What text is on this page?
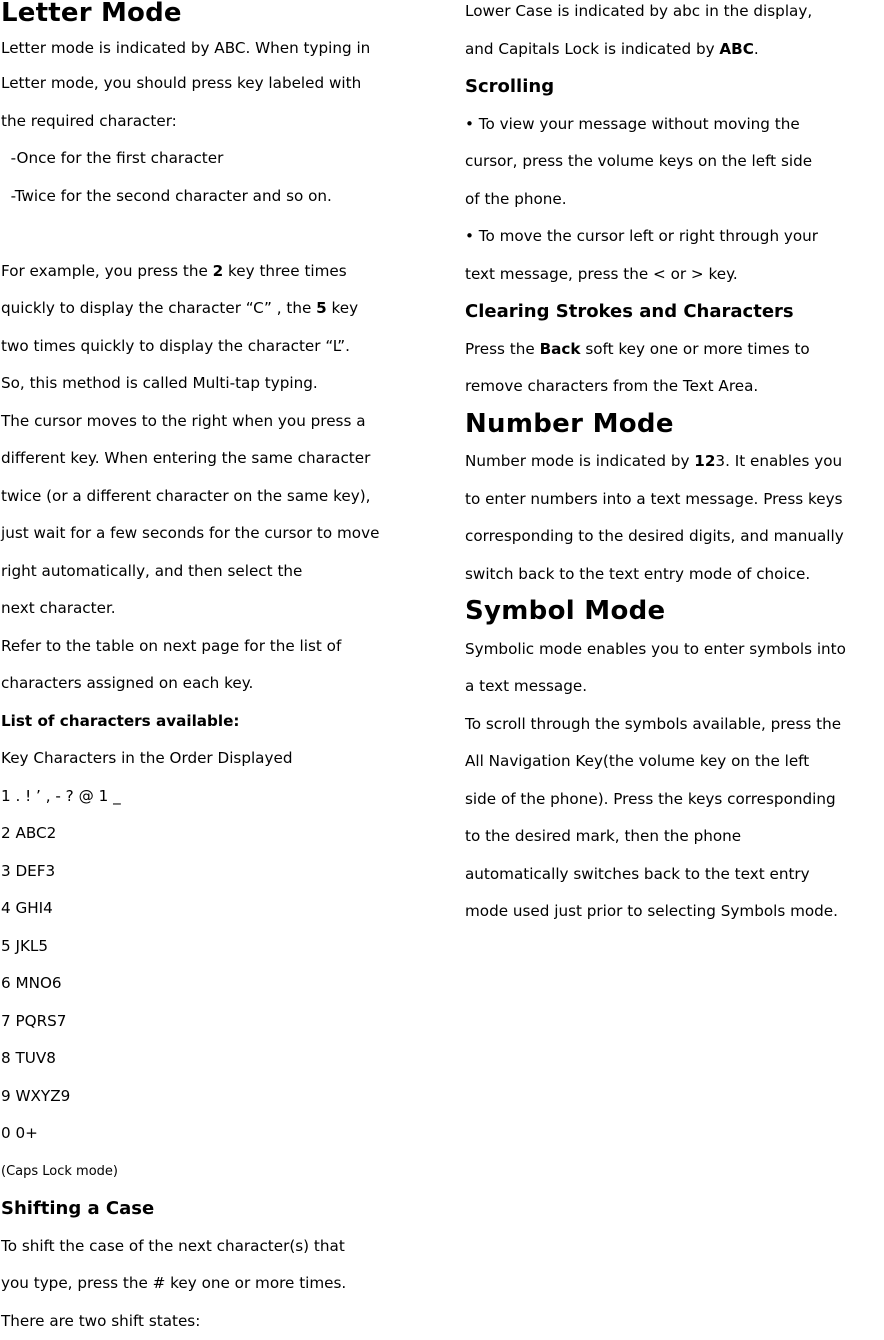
Letter Mode
Letter mode is indicated by ABC. When typing in
Letter mode, you should press key labeled with
the required character:
-Once for the first character
-Twice for the second character and so on.
For example, you press the 2 key three times
quickly to display the character “C” , the 5 key
two times quickly to display the character “L”.
So, this method is called Multi-tap typing.
The cursor moves to the right when you press a
different key. When entering the same character
twice (or a different character on the same key),
just wait for a few seconds for the cursor to move
right automatically, and then select the
next character.
Refer to the table on next page for the list of
characters assigned on each key.
List of characters available:
Key Characters in the Order Displayed
1 . ! ’ , - ? @ 1 _
2 ABC2
3 DEF3
4 GHI4
5 JKL5
6 MNO6
7 PQRS7
8 TUV8
9 WXYZ9
0 0+
(Caps Lock mode)
Shifting a Case
To shift the case of the next character(s) that
you type, press the # key one or more times.
There are two shift states:
Lower Case is indicated by abc in the display,
and Capitals Lock is indicated by ABC.
Scrolling
• To view your message without moving the
cursor, press the volume keys on the left side
of the phone.
• To move the cursor left or right through your
text message, press the < or > key.
Clearing Strokes and Characters
Press the Back soft key one or more times to
remove characters from the Text Area.
Number Mode
Number mode is indicated by 123. It enables you
to enter numbers into a text message. Press keys
corresponding to the desired digits, and manually
switch back to the text entry mode of choice.
Symbol Mode
Symbolic mode enables you to enter symbols into
a text message.
To scroll through the symbols available, press the
All Navigation Key(the volume key on the left
side of the phone). Press the keys corresponding
to the desired mark, then the phone
automatically switches back to the text entry
mode used just prior to selecting Symbols mode.
